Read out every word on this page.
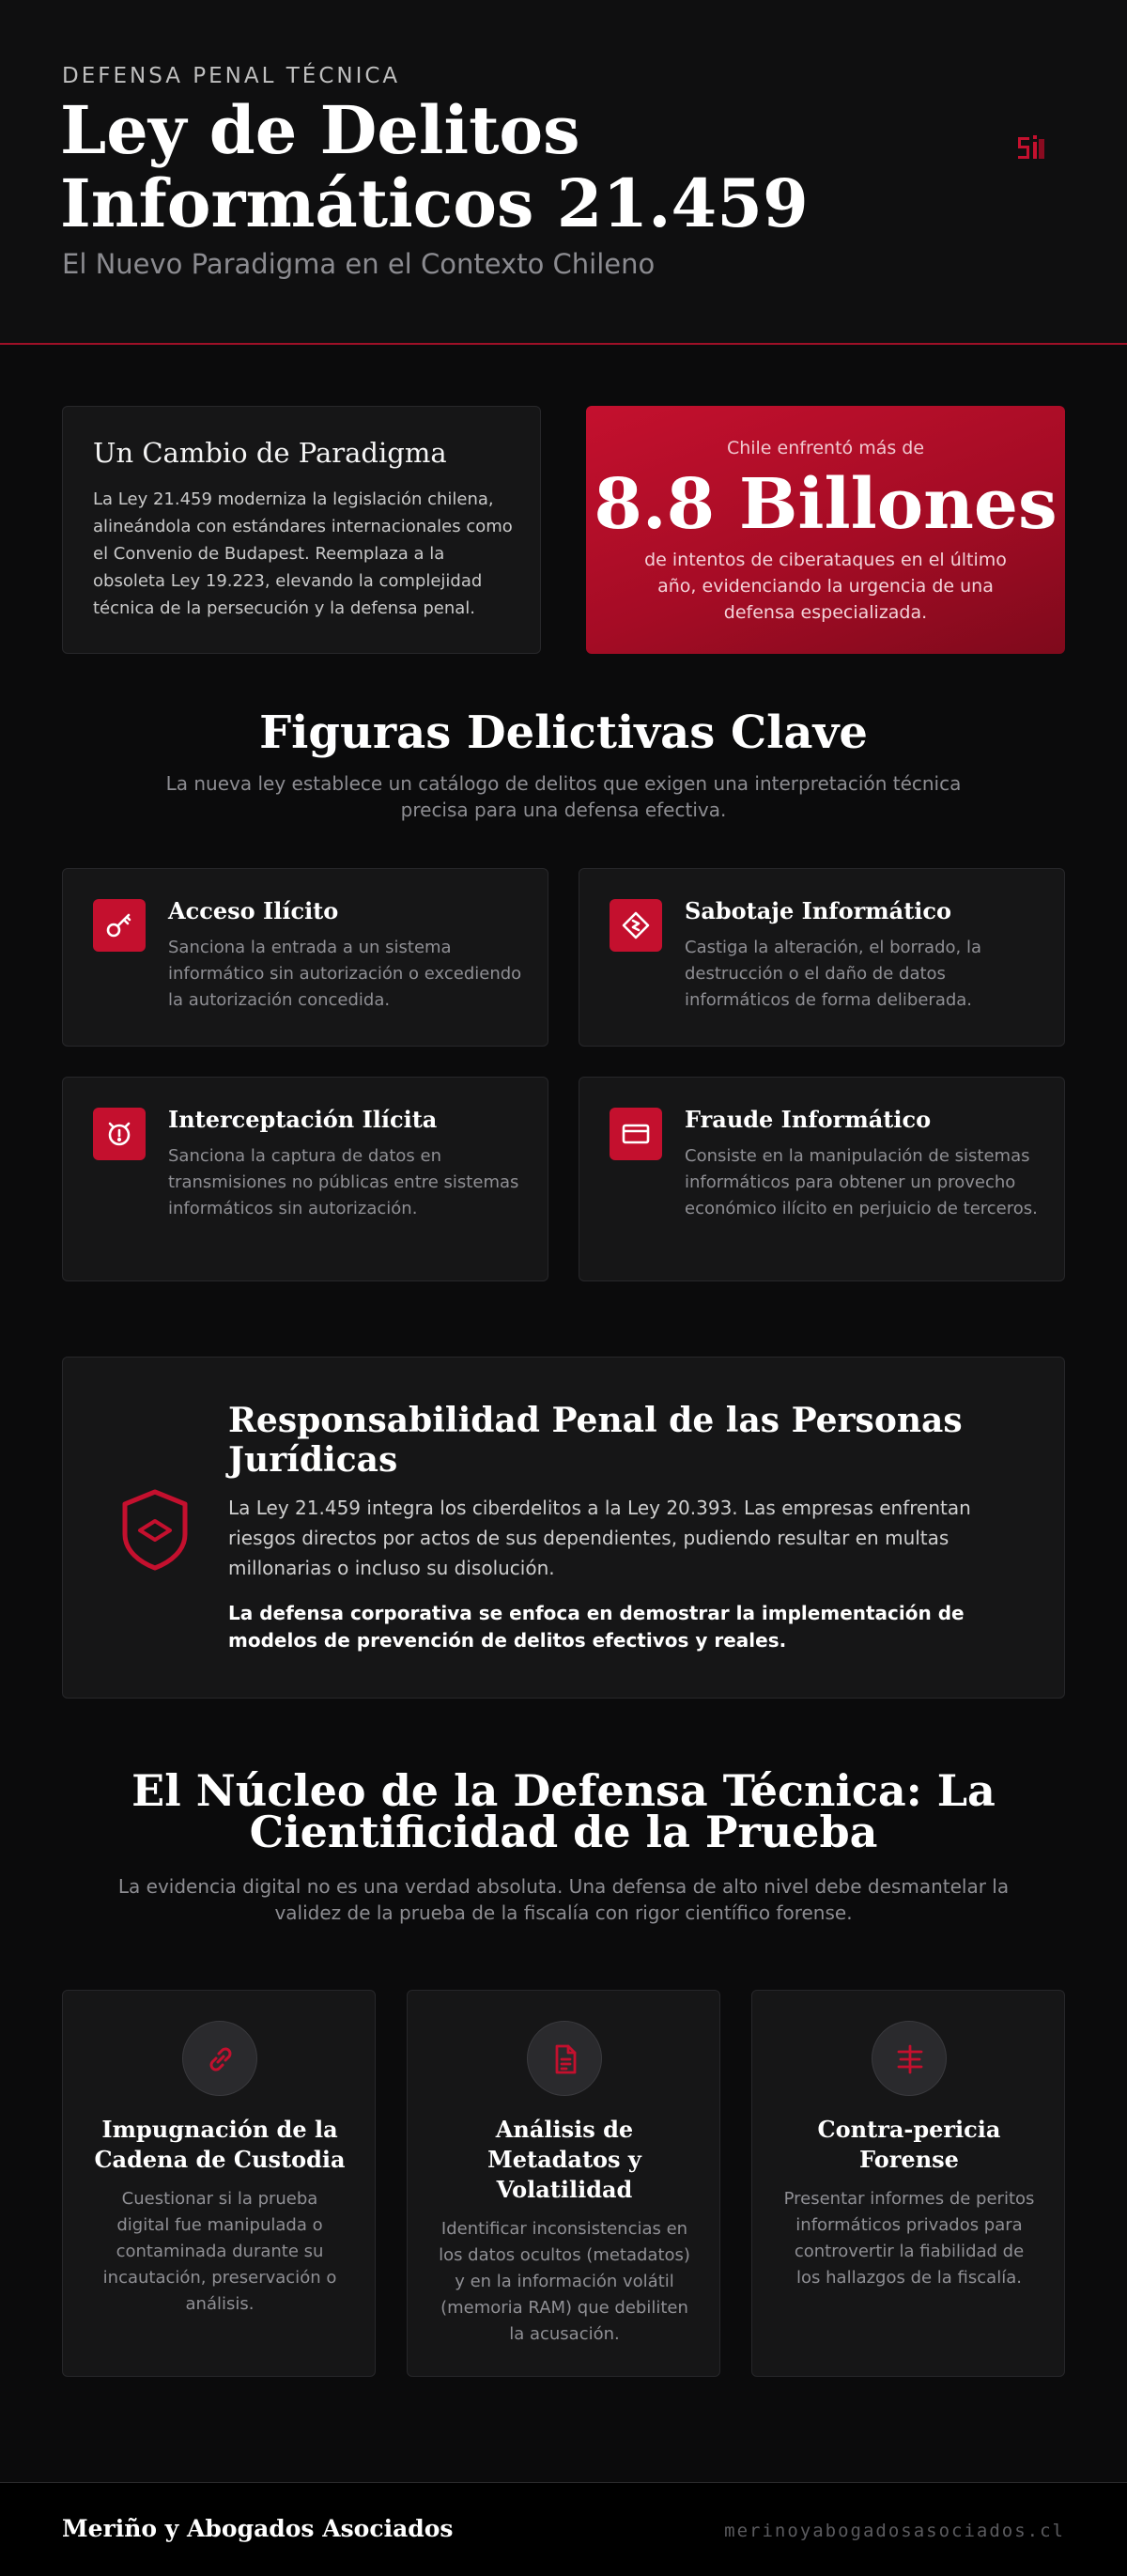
DEFENSA PENAL TÉCNICA
Ley de Delitos Informáticos 21.459
El Nuevo Paradigma en el Contexto Chileno
Un Cambio de Paradigma

La Ley 21.459 moderniza la legislación chilena, alineándola con estándares internacionales como el Convenio de Budapest. Reemplaza a la obsoleta Ley 19.223, elevando la complejidad técnica de la persecución y la defensa penal.

Chile enfrentó más de
8.8 Billones
de intentos de ciberataques en el último año, evidenciando la urgencia de una defensa especializada.
Figuras Delictivas Clave

La nueva ley establece un catálogo de delitos que exigen una interpretación técnica precisa para una defensa efectiva.

Acceso Ilícito

Sanciona la entrada a un sistema informático sin autorización o excediendo la autorización concedida.

Sabotaje Informático

Castiga la alteración, el borrado, la destrucción o el daño de datos informáticos de forma deliberada.

Interceptación Ilícita

Sanciona la captura de datos en transmisiones no públicas entre sistemas informáticos sin autorización.

Fraude Informático

Consiste en la manipulación de sistemas informáticos para obtener un provecho económico ilícito en perjuicio de terceros.

Responsabilidad Penal de las Personas Jurídicas

La Ley 21.459 integra los ciberdelitos a la Ley 20.393. Las empresas enfrentan riesgos directos por actos de sus dependientes, pudiendo resultar en multas millonarias o incluso su disolución.

La defensa corporativa se enfoca en demostrar la implementación de modelos de prevención de delitos efectivos y reales.

El Núcleo de la Defensa Técnica: La Cientificidad de la Prueba

La evidencia digital no es una verdad absoluta. Una defensa de alto nivel debe desmantelar la validez de la prueba de la fiscalía con rigor científico forense.

Impugnación de la Cadena de Custodia

Cuestionar si la prueba digital fue manipulada o contaminada durante su incautación, preservación o análisis.

Análisis de Metadatos y Volatilidad

Identificar inconsistencias en los datos ocultos (metadatos) y en la información volátil (memoria RAM) que debiliten la acusación.

Contra-pericia Forense

Presentar informes de peritos informáticos privados para controvertir la fiabilidad de los hallazgos de la fiscalía.

Meriño y Abogados Asociados	merinoyabogadosasociados.cl
